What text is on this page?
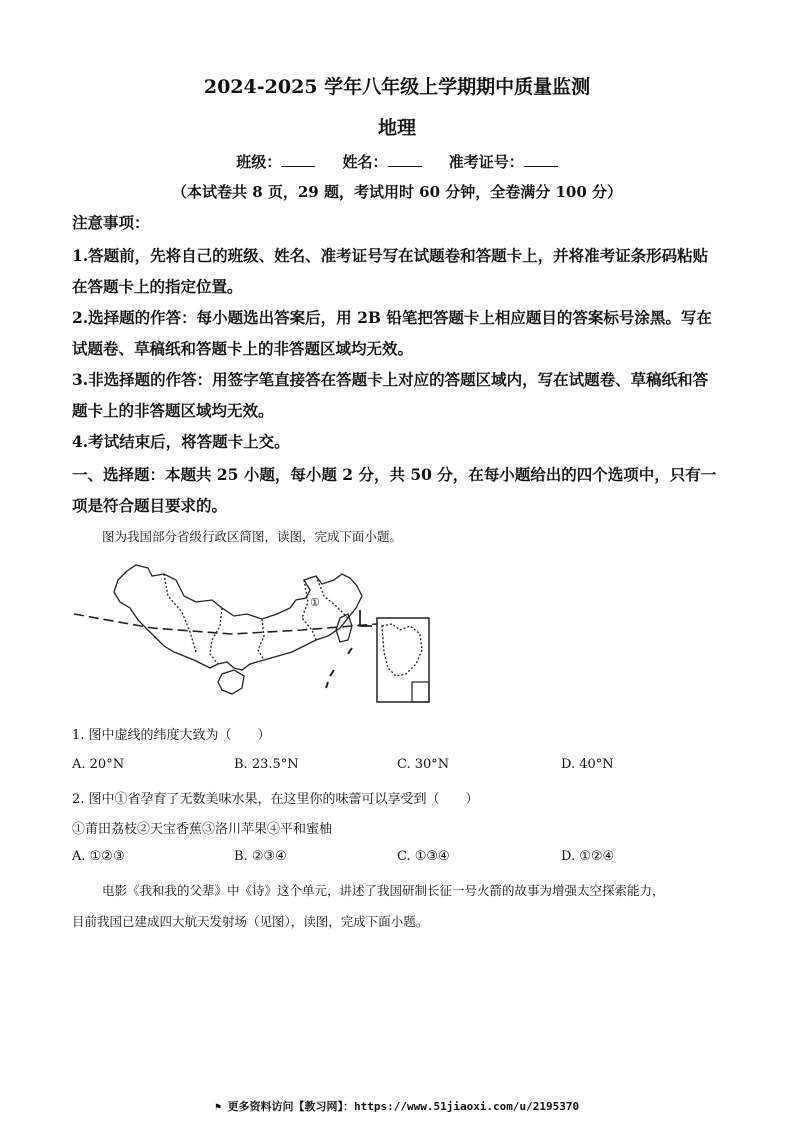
2024-2025 学年八年级上学期期中质量监测
地理
班级：	姓名：	准考证号：
（本试卷共 8 页，29 题，考试用时 60 分钟，全卷满分 100 分）
注意事项：
1.答题前，先将自己的班级、姓名、准考证号写在试题卷和答题卡上，并将准考证条形码粘贴
在答题卡上的指定位置。
2.选择题的作答：每小题选出答案后，用 2B 铅笔把答题卡上相应题目的答案标号涂黑。写在
试题卷、草稿纸和答题卡上的非答题区域均无效。
3.非选择题的作答：用签字笔直接答在答题卡上对应的答题区域内，写在试题卷、草稿纸和答
题卡上的非答题区域均无效。
4.考试结束后，将答题卡上交。
一、选择题：本题共 25 小题，每小题 2 分，共 50 分，在每小题给出的四个选项中，只有一
项是符合题目要求的。
图为我国部分省级行政区简图，读图，完成下面小题。
①
1. 图中虚线的纬度大致为（　　）
A. 20°N	B. 23.5°N	C. 30°N	D. 40°N
2. 图中①省孕育了无数美味水果，在这里你的味蕾可以享受到（　　）
①莆田荔枝②天宝香蕉③洛川苹果④平和蜜柚
A. ①②③	B. ②③④	C. ①③④	D. ①②④
电影《我和我的父辈》中《诗》这个单元，讲述了我国研制长征一号火箭的故事为增强太空探索能力，
目前我国已建成四大航天发射场（见图），读图，完成下面小题。
⚑ 更多资料访问【教习网】：https://www.51jiaoxi.com/u/2195370
